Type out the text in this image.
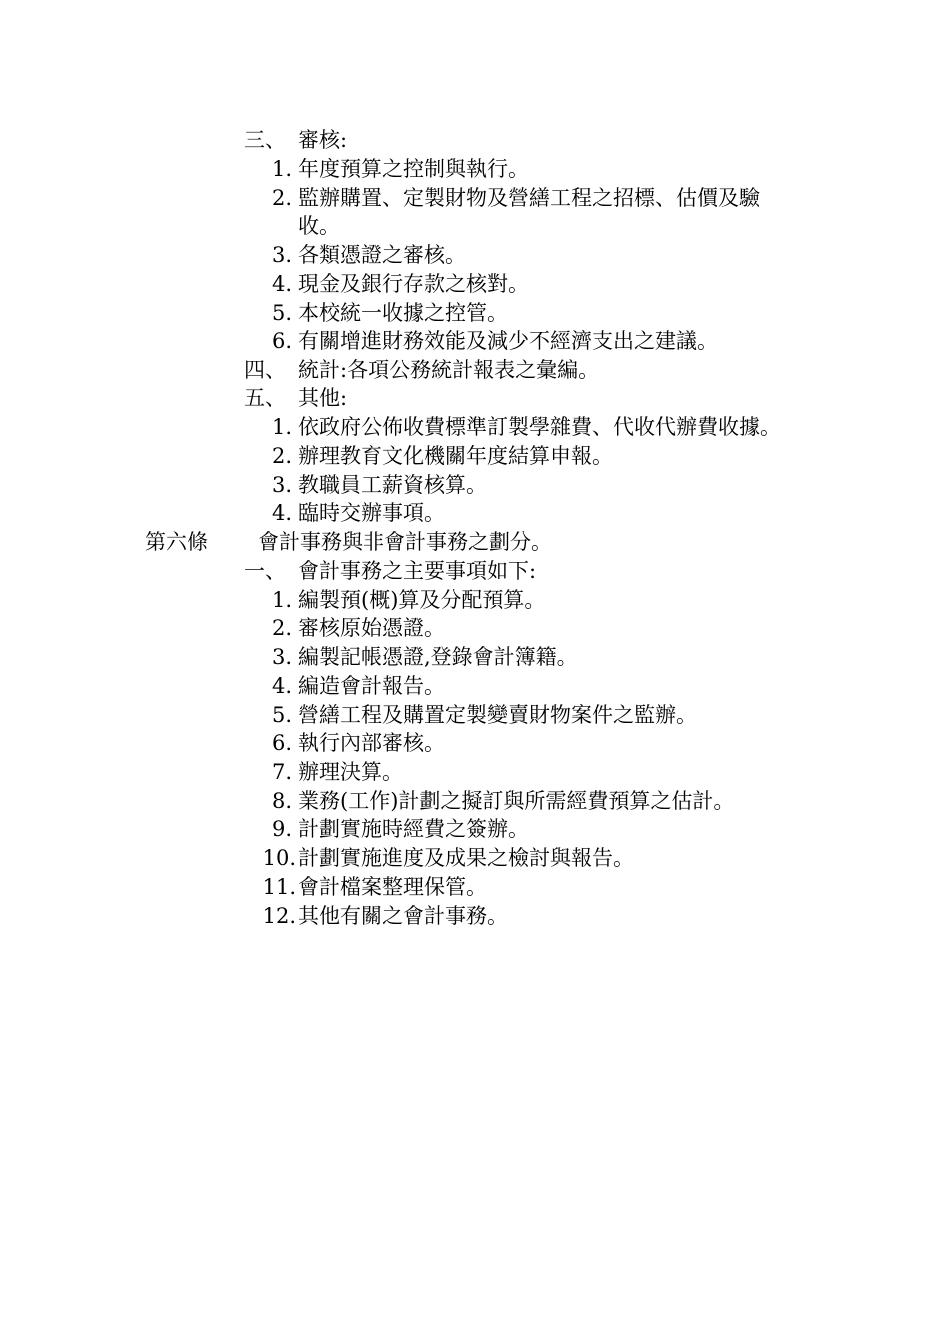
三、 審核:
1. 年度預算之控制與執行。
2. 監辦購置、定製財物及營繕工程之招標、估價及驗
收。
3. 各類憑證之審核。
4. 現金及銀行存款之核對。
5. 本校統一收據之控管。
6. 有關增進財務效能及減少不經濟支出之建議。
四、 統計:各項公務統計報表之彙編。
五、 其他:
1. 依政府公佈收費標準訂製學雜費、代收代辦費收據。
2. 辦理教育文化機關年度結算申報。
3. 教職員工薪資核算。
4. 臨時交辦事項。
第六條 會計事務與非會計事務之劃分。
一、 會計事務之主要事項如下:
1. 編製預(概)算及分配預算。
2. 審核原始憑證。
3. 編製記帳憑證,登錄會計簿籍。
4. 編造會計報告。
5. 營繕工程及購置定製變賣財物案件之監辦。
6. 執行內部審核。
7. 辦理決算。
8. 業務(工作)計劃之擬訂與所需經費預算之估計。
9. 計劃實施時經費之簽辦。
10. 計劃實施進度及成果之檢討與報告。
11. 會計檔案整理保管。
12. 其他有關之會計事務。
